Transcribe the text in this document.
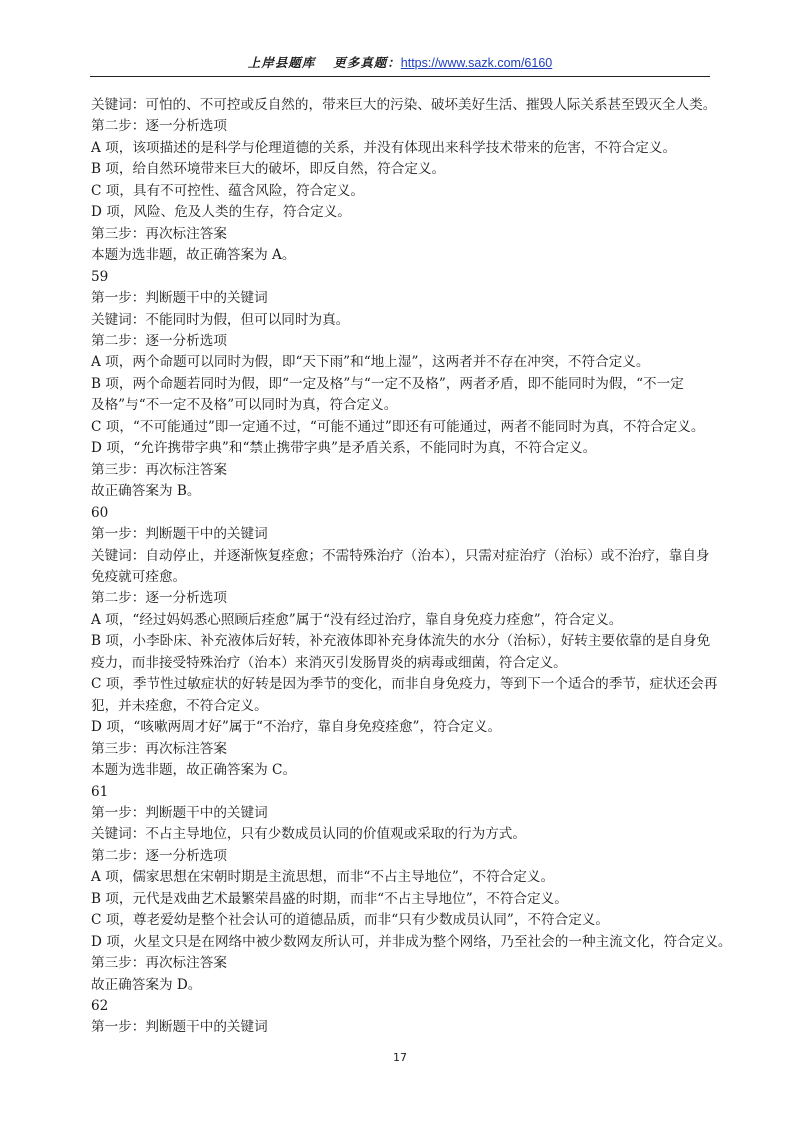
上岸县题库 更多真题：https://www.sazk.com/6160

关键词：可怕的、不可控或反自然的，带来巨大的污染、破坏美好生活、摧毁人际关系甚至毁灭全人类。

第二步：逐一分析选项

A 项，该项描述的是科学与伦理道德的关系，并没有体现出来科学技术带来的危害，不符合定义。

B 项，给自然环境带来巨大的破坏，即反自然，符合定义。

C 项，具有不可控性、蕴含风险，符合定义。

D 项，风险、危及人类的生存，符合定义。

第三步：再次标注答案

本题为选非题，故正确答案为 A。

59

第一步：判断题干中的关键词

关键词：不能同时为假，但可以同时为真。

第二步：逐一分析选项

A 项，两个命题可以同时为假，即“天下雨”和“地上湿”，这两者并不存在冲突，不符合定义。

B 项，两个命题若同时为假，即“一定及格”与“一定不及格”，两者矛盾，即不能同时为假，“不一定

及格”与“不一定不及格”可以同时为真，符合定义。

C 项，“不可能通过”即一定通不过，“可能不通过”即还有可能通过，两者不能同时为真，不符合定义。

D 项，“允许携带字典”和“禁止携带字典”是矛盾关系，不能同时为真，不符合定义。

第三步：再次标注答案

故正确答案为 B。

60

第一步：判断题干中的关键词

关键词：自动停止，并逐渐恢复痊愈；不需特殊治疗（治本），只需对症治疗（治标）或不治疗，靠自身

免疫就可痊愈。

第二步：逐一分析选项

A 项，“经过妈妈悉心照顾后痊愈”属于“没有经过治疗，靠自身免疫力痊愈”，符合定义。

B 项，小李卧床、补充液体后好转，补充液体即补充身体流失的水分（治标），好转主要依靠的是自身免

疫力，而非接受特殊治疗（治本）来消灭引发肠胃炎的病毒或细菌，符合定义。

C 项，季节性过敏症状的好转是因为季节的变化，而非自身免疫力，等到下一个适合的季节，症状还会再

犯，并未痊愈，不符合定义。

D 项，“咳嗽两周才好”属于“不治疗，靠自身免疫痊愈”，符合定义。

第三步：再次标注答案

本题为选非题，故正确答案为 C。

61

第一步：判断题干中的关键词

关键词：不占主导地位，只有少数成员认同的价值观或采取的行为方式。

第二步：逐一分析选项

A 项，儒家思想在宋朝时期是主流思想，而非“不占主导地位”，不符合定义。

B 项，元代是戏曲艺术最繁荣昌盛的时期，而非“不占主导地位”，不符合定义。

C 项，尊老爱幼是整个社会认可的道德品质，而非“只有少数成员认同”，不符合定义。

D 项，火星文只是在网络中被少数网友所认可，并非成为整个网络，乃至社会的一种主流文化，符合定义。

第三步：再次标注答案

故正确答案为 D。

62

第一步：判断题干中的关键词

17
